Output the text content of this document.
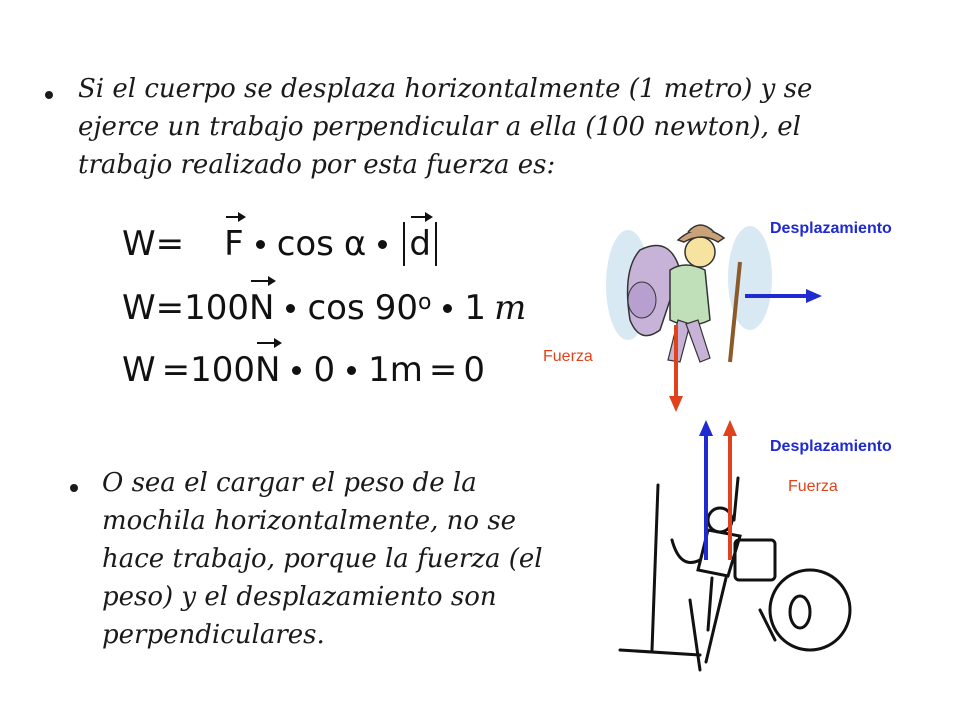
Si el cuerpo se desplaza horizontalmente (1 metro) y se
ejerce un trabajo perpendicular a ella (100 newton), el
trabajo realizado por esta fuerza es:
W = F cos α d
W = 100 N cos 90 o 1 m
W = 100 N 0 1m = 0
O sea el cargar el peso de la
mochila horizontalmente, no se
hace trabajo, porque la fuerza (el
peso) y el desplazamiento son
perpendiculares.
Desplazamiento
Fuerza
Desplazamiento
Fuerza
